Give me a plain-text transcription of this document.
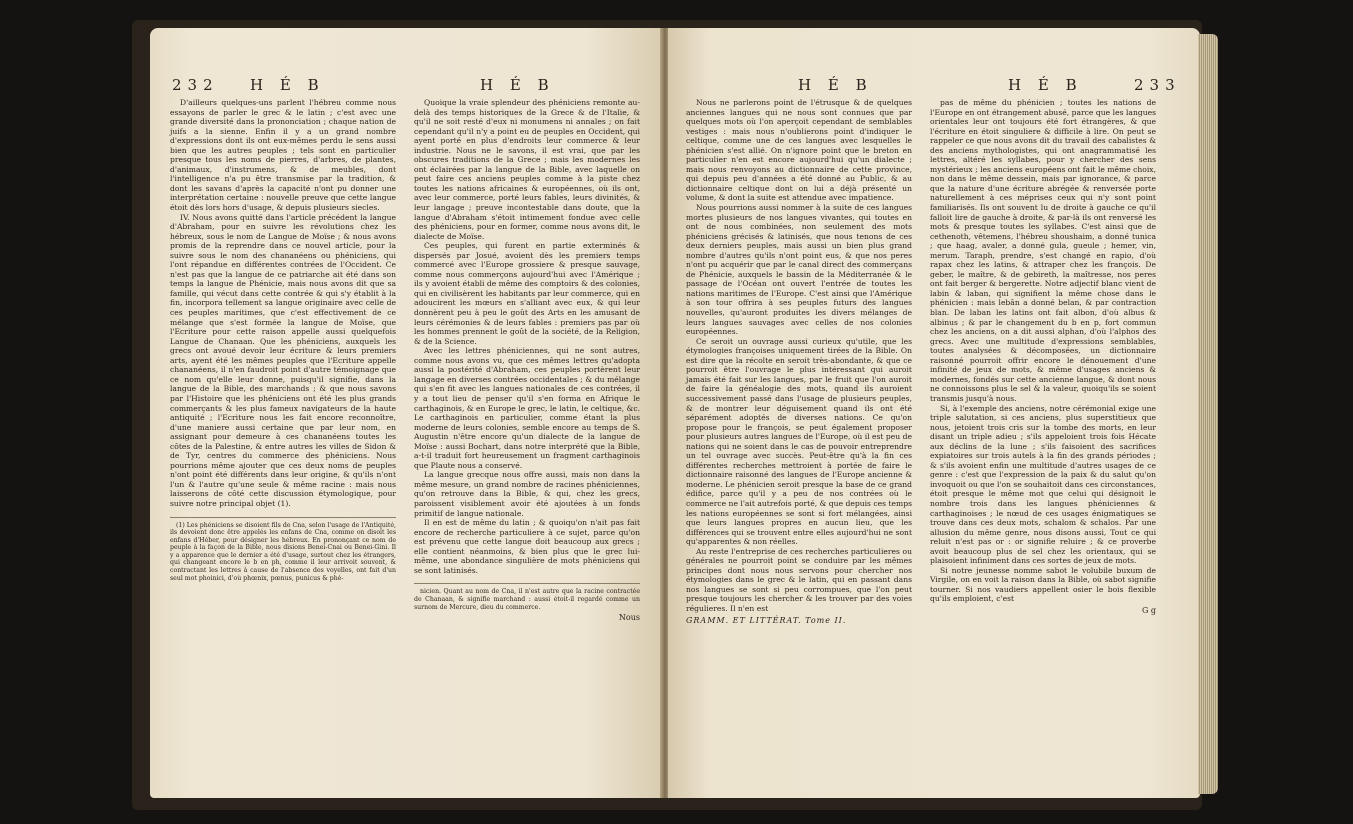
232 H É B	H É B

D'ailleurs quelques-uns parlent l'hébreu comme nous essayons de parler le grec & le latin ; c'est avec une grande diversité dans la prononciation ; chaque nation de juifs a la sienne. Enfin il y a un grand nombre d'expressions dont ils ont eux-mêmes perdu le sens aussi bien que les autres peuples ; tels sont en particulier presque tous les noms de pierres, d'arbres, de plantes, d'animaux, d'instrumens, & de meubles, dont l'intelligence n'a pu être transmise par la tradition, & dont les savans d'après la capacité n'ont pu donner une interprétation certaine : nouvelle preuve que cette langue étoit dès lors hors d'usage, & depuis plusieurs siecles.

IV. Nous avons quitté dans l'article précédent la langue d'Abraham, pour en suivre les révolutions chez les hébreux, sous le nom de Langue de Moïse ; & nous avons promis de la reprendre dans ce nouvel article, pour la suivre sous le nom des chananéens ou phéniciens, qui l'ont répandue en différentes contrées de l'Occident. Ce n'est pas que la langue de ce patriarche ait été dans son temps la langue de Phénicie, mais nous avons dit que sa famille, qui vécut dans cette contrée & qui s'y établit à la fin, incorpora tellement sa langue originaire avec celle de ces peuples maritimes, que c'est effectivement de ce mélange que s'est formée la langue de Moïse, que l'Ecriture pour cette raison appelle aussi quelquefois Langue de Chanaan. Que les phéniciens, auxquels les grecs ont avoué devoir leur écriture & leurs premiers arts, ayent été les mêmes peuples que l'Ecriture appelle chananéens, il n'en faudroit point d'autre témoignage que ce nom qu'elle leur donne, puisqu'il signifie, dans la langue de la Bible, des marchands ; & que nous savons par l'Histoire que les phéniciens ont été les plus grands commerçants & les plus fameux navigateurs de la haute antiquité ; l'Ecriture nous les fait encore reconnoître, d'une maniere aussi certaine que par leur nom, en assignant pour demeure à ces chananéens toutes les côtes de la Palestine, & entre autres les villes de Sidon & de Tyr, centres du commerce des phéniciens. Nous pourrions même ajouter que ces deux noms de peuples n'ont point été différents dans leur origine, & qu'ils n'ont l'un & l'autre qu'une seule & même racine : mais nous laisserons de côté cette discussion étymologique, pour suivre notre principal objet (1).

(1) Les phéniciens se disoient fils de Cna, selon l'usage de l'Antiquité, ils devoient donc être appelés les enfans de Cna, comme on disoit les enfans d'Héber, pour désigner les hébreux. En prononçant ce nom de peuple à la façon de la Bible, nous disions Benei-Cnai ou Benei-Gini. Il y a apparence que le dernier a été d'usage, surtout chez les étrangers, qui changeant encore le b en ph, comme il leur arrivoit souvent, & contractant les lettres à cause de l'absence des voyelles, ont fait d'un seul mot phoinici, d'où phœnix, pœnus, punicus & phé-

Quoique la vraie splendeur des phéniciens remonte au-delà des temps historiques de la Grece & de l'Italie, & qu'il ne soit resté d'eux ni monumens ni annales ; on fait cependant qu'il n'y a point eu de peuples en Occident, qui ayent porté en plus d'endroits leur commerce & leur industrie. Nous ne le savons, il est vrai, que par les obscures traditions de la Grece ; mais les modernes les ont éclairées par la langue de la Bible, avec laquelle on peut faire ces anciens peuples comme à la piste chez toutes les nations africaines & européennes, où ils ont, avec leur commerce, porté leurs fables, leurs divinités, & leur langage ; preuve incontestable dans doute, que la langue d'Abraham s'étoit intimement fondue avec celle des phéniciens, pour en former, comme nous avons dit, le dialecte de Moïse.

Ces peuples, qui furent en partie exterminés & dispersés par Josué, avoient dès les premiers temps commercé avec l'Europe grossiere & presque sauvage, comme nous commerçons aujourd'hui avec l'Amérique ; ils y avoient établi de même des comptoirs & des colonies, qui en civilisèrent les habitants par leur commerce, qui en adoucirent les mœurs en s'alliant avec eux, & qui leur donnèrent peu à peu le goût des Arts en les amusant de leurs cérémonies & de leurs fables : premiers pas par où les hommes prennent le goût de la société, de la Religion, & de la Science.

Avec les lettres phéniciennes, qui ne sont autres, comme nous avons vu, que ces mêmes lettres qu'adopta aussi la postérité d'Abraham, ces peuples portèrent leur langage en diverses contrées occidentales ; & du mélange qui s'en fit avec les langues nationales de ces contrées, il y a tout lieu de penser qu'il s'en forma en Afrique le carthaginois, & en Europe le grec, le latin, le celtique, &c. Le carthaginois en particulier, comme étant la plus moderne de leurs colonies, semble encore au temps de S. Augustin n'être encore qu'un dialecte de la langue de Moïse : aussi Bochart, dans notre interprété que la Bible, a-t-il traduit fort heureusement un fragment carthaginois que Plaute nous a conservé.

La langue grecque nous offre aussi, mais non dans la même mesure, un grand nombre de racines phéniciennes, qu'on retrouve dans la Bible, & qui, chez les grecs, paroissent visiblement avoir été ajoutées à un fonds primitif de langue nationale.

Il en est de même du latin ; & quoiqu'on n'ait pas fait encore de recherche particuliere à ce sujet, parce qu'on est prévenu que cette langue doit beaucoup aux grecs ; elle contient néanmoins, & bien plus que le grec lui-même, une abondance singulière de mots phéniciens qui se sont latinisés.

nicien. Quant au nom de Cna, il n'est autre que la racine contractée de Chanaan, & signifie marchand : aussi étoit-il regardé comme un surnom de Mercure, dieu du commerce.

Nous
H É B	H É B	233

Nous ne parlerons point de l'étrusque & de quelques anciennes langues qui ne nous sont connues que par quelques mots où l'on aperçoit cependant de semblables vestiges : mais nous n'oublierons point d'indiquer le celtique, comme une de ces langues avec lesquelles le phénicien s'est allié. On n'ignore point que le breton en particulier n'en est encore aujourd'hui qu'un dialecte ; mais nous renvoyons au dictionnaire de cette province, qui depuis peu d'années a été donné au Public, & au dictionnaire celtique dont on lui a déjà présenté un volume, & dont la suite est attendue avec impatience.

Nous pourrions aussi nommer à la suite de ces langues mortes plusieurs de nos langues vivantes, qui toutes en ont de nous combinées, non seulement des mots phéniciens grécisés & latinisés, que nous tenons de ces deux derniers peuples, mais aussi un bien plus grand nombre d'autres qu'ils n'ont point eus, & que nos peres n'ont pu acquérir que par le canal direct des commerçans de Phénicie, auxquels le bassin de la Méditerranée & le passage de l'Océan ont ouvert l'entrée de toutes les nations maritimes de l'Europe. C'est ainsi que l'Amérique à son tour offrira à ses peuples futurs des langues nouvelles, qu'auront produites les divers mélanges de leurs langues sauvages avec celles de nos colonies européennes.

Ce seroit un ouvrage aussi curieux qu'utile, que les étymologies françoises uniquement tirées de la Bible. On est dire que la récolte en seroit très-abondante, & que ce pourroit être l'ouvrage le plus intéressant qui auroit jamais été fait sur les langues, par le fruit que l'on auroit de faire la généalogie des mots, quand ils auroient successivement passé dans l'usage de plusieurs peuples, & de montrer leur déguisement quand ils ont été séparément adoptés de diverses nations. Ce qu'on propose pour le françois, se peut également proposer pour plusieurs autres langues de l'Europe, où il est peu de nations qui ne soient dans le cas de pouvoir entreprendre un tel ouvrage avec succès. Peut-être qu'à la fin ces différentes recherches mettroient à portée de faire le dictionnaire raisonné des langues de l'Europe ancienne & moderne. Le phénicien seroit presque la base de ce grand édifice, parce qu'il y a peu de nos contrées où le commerce ne l'ait autrefois porté, & que depuis ces temps les nations européennes se sont si fort mélangées, ainsi que leurs langues propres en aucun lieu, que les différences qui se trouvent entre elles aujourd'hui ne sont qu'apparentes & non réelles.

Au reste l'entreprise de ces recherches particulieres ou générales ne pourroit point se conduire par les mêmes principes dont nous nous servons pour chercher nos étymologies dans le grec & le latin, qui en passant dans nos langues se sont si peu corrompues, que l'on peut presque toujours les chercher & les trouver par des voies régulieres. Il n'en est

GRAMM. ET LITTÉRAT. Tome II.

pas de même du phénicien ; toutes les nations de l'Europe en ont étrangement abusé, parce que les langues orientales leur ont toujours été fort étrangères, & que l'écriture en étoit singuliere & difficile à lire. On peut se rappeler ce que nous avons dit du travail des cabalistes & des anciens mythologistes, qui ont anagrammatisé les lettres, altéré les syllabes, pour y chercher des sens mystérieux ; les anciens européens ont fait le même choix, non dans le même dessein, mais par ignorance, & parce que la nature d'une écriture abrégée & renversée porte naturellement à ces méprises ceux qui n'y sont point familiarisés. Ils ont souvent lu de droite à gauche ce qu'il falloit lire de gauche à droite, & par-là ils ont renversé les mots & presque toutes les syllabes. C'est ainsi que de cethenoth, vêtemens, l'hébreu shoushaim, a donné tunica ; que haag, avaler, a donné gula, gueule ; hemer, vin, merum. Taraph, prendre, s'est changé en rapio, d'où rapax chez les latins, & attraper chez les françois. De geber, le maître, & de gebireth, la maîtresse, nos peres ont fait berger & bergerette. Notre adjectif blanc vient de labin & laban, qui signifient la même chose dans le phénicien : mais lebân a donné belan, & par contraction blan. De laban les latins ont fait albon, d'où albus & albinus ; & par le changement du b en p, fort commun chez les anciens, on a dit aussi alphan, d'où l'alphos des grecs. Avec une multitude d'expressions semblables, toutes analysées & décomposées, un dictionnaire raisonné pourroit offrir encore le dénouement d'une infinité de jeux de mots, & même d'usages anciens & modernes, fondés sur cette ancienne langue, & dont nous ne connoissons plus le sel & la valeur, quoiqu'ils se soient transmis jusqu'à nous.

Si, à l'exemple des anciens, notre cérémonial exige une triple salutation, si ces anciens, plus superstitieux que nous, jetoient trois cris sur la tombe des morts, en leur disant un triple adieu ; s'ils appeloient trois fois Hécate aux déclins de la lune ; s'ils faisoient des sacrifices expiatoires sur trois autels à la fin des grands périodes ; & s'ils avoient enfin une multitude d'autres usages de ce genre : c'est que l'expression de la paix & du salut qu'on invoquoit ou que l'on se souhaitoit dans ces circonstances, étoit presque le même mot que celui qui désignoit le nombre trois dans les langues phéniciennes & carthaginoises ; le nœud de ces usages énigmatiques se trouve dans ces deux mots, schalom & schalos. Par une allusion du même genre, nous disons aussi, Tout ce qui reluit n'est pas or : or signifie reluire ; & ce proverbe avoit beaucoup plus de sel chez les orientaux, qui se plaisoient infiniment dans ces sortes de jeux de mots.

Si notre jeunesse nomme sabot le volubile buxum de Virgile, on en voit la raison dans la Bible, où sabot signifie tourner. Si nos vaudiers appellent osier le bois flexible qu'ils emploient, c'est

G g
